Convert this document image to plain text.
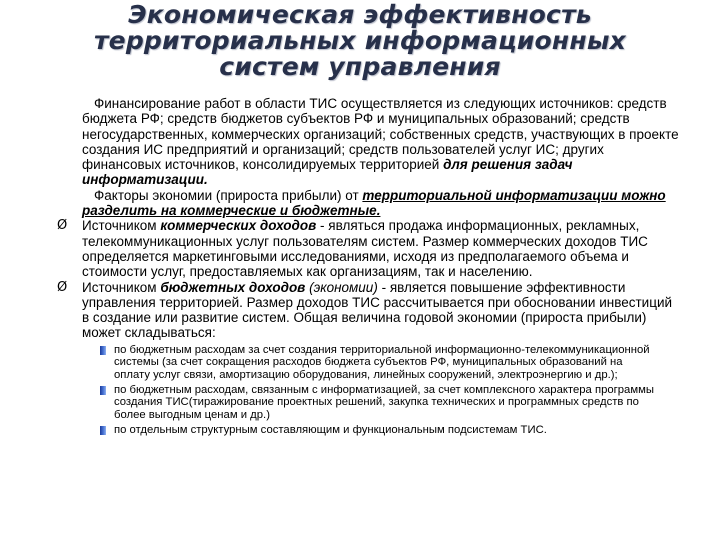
Экономическая эффективность
территориальных информационных
систем управления

Финансирование работ в области ТИС осуществляется из следующих источников: средств бюджета РФ; средств бюджетов субъектов РФ и муниципальных образований; средств негосударственных, коммерческих организаций; собственных средств, участвующих в проекте создания ИС предприятий и организаций; средств пользователей услуг ИС; других финансовых источников, консолидируемых территорией для решения задач информатизации.

Факторы экономии (прироста прибыли) от территориальной информатизации можно разделить на коммерческие и бюджетные.

Ø Источником коммерческих доходов - являться продажа информационных, рекламных, телекоммуникационных услуг пользователям систем. Размер коммерческих доходов ТИС определяется маркетинговыми исследованиями, исходя из предполагаемого объема и стоимости услуг, предоставляемых как организациям, так и населению.

Ø Источником бюджетных доходов (экономии) - является повышение эффективности управления территорией. Размер доходов ТИС рассчитывается при обосновании инвестиций в создание или развитие систем. Общая величина годовой экономии (прироста прибыли) может складываться:

по бюджетным расходам за счет создания территориальной информационно-телекоммуникационной системы (за счет сокращения расходов бюджета субъектов РФ, муниципальных образований на оплату услуг связи, амортизацию оборудования, линейных сооружений, электроэнергию и др.);
по бюджетным расходам, связанным с информатизацией, за счет комплексного характера программы создания ТИС(тиражирование проектных решений, закупка технических и программных средств по более выгодным ценам и др.)
по отдельным структурным составляющим и функциональным подсистемам ТИС.
